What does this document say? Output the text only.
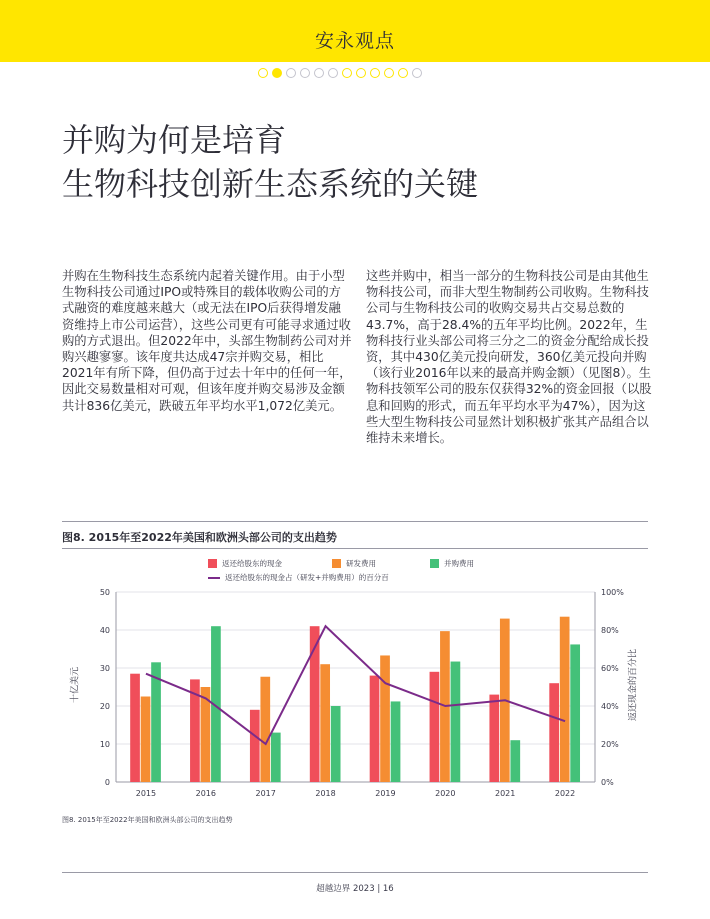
安永观点
并购为何是培育
生物科技创新生态系统的关键

并购在生物科技生态系统内起着关键作用。由于小型生物科技公司通过IPO或特殊目的载体收购公司的方式融资的难度越来越大（或无法在IPO后获得增发融资维持上市公司运营），这些公司更有可能寻求通过收购的方式退出。但2022年中，头部生物制药公司对并购兴趣寥寥。该年度共达成47宗并购交易，相比2021年有所下降，但仍高于过去十年中的任何一年，因此交易数量相对可观，但该年度并购交易涉及金额共计836亿美元，跌破五年平均水平1,072亿美元。

这些并购中，相当一部分的生物科技公司是由其他生物科技公司，而非大型生物制药公司收购。生物科技公司与生物科技公司的收购交易共占交易总数的43.7%，高于28.4%的五年平均比例。2022年，生物科技行业头部公司将三分之二的资金分配给成长投资，其中430亿美元投向研发，360亿美元投向并购（该行业2016年以来的最高并购金额）（见图8）。生物科技领军公司的股东仅获得32%的资金回报（以股息和回购的形式，而五年平均水平为47%），因为这些大型生物科技公司显然计划积极扩张其产品组合以维持未来增长。

图8. 2015年至2022年美国和欧洲头部公司的支出趋势
返还给股东的现金	研发费用	并购费用
返还给股东的现金占（研发+并购费用）的百分百
十亿美元	返还现金的百分比
0
10
20
30
40
50
0%
20%
40%
60%
80%
100%
2015	2016	2017	2018	2019	2020	2021	2022
图8. 2015年至2022年美国和欧洲头部公司的支出趋势
超越边界 2023 | 16
